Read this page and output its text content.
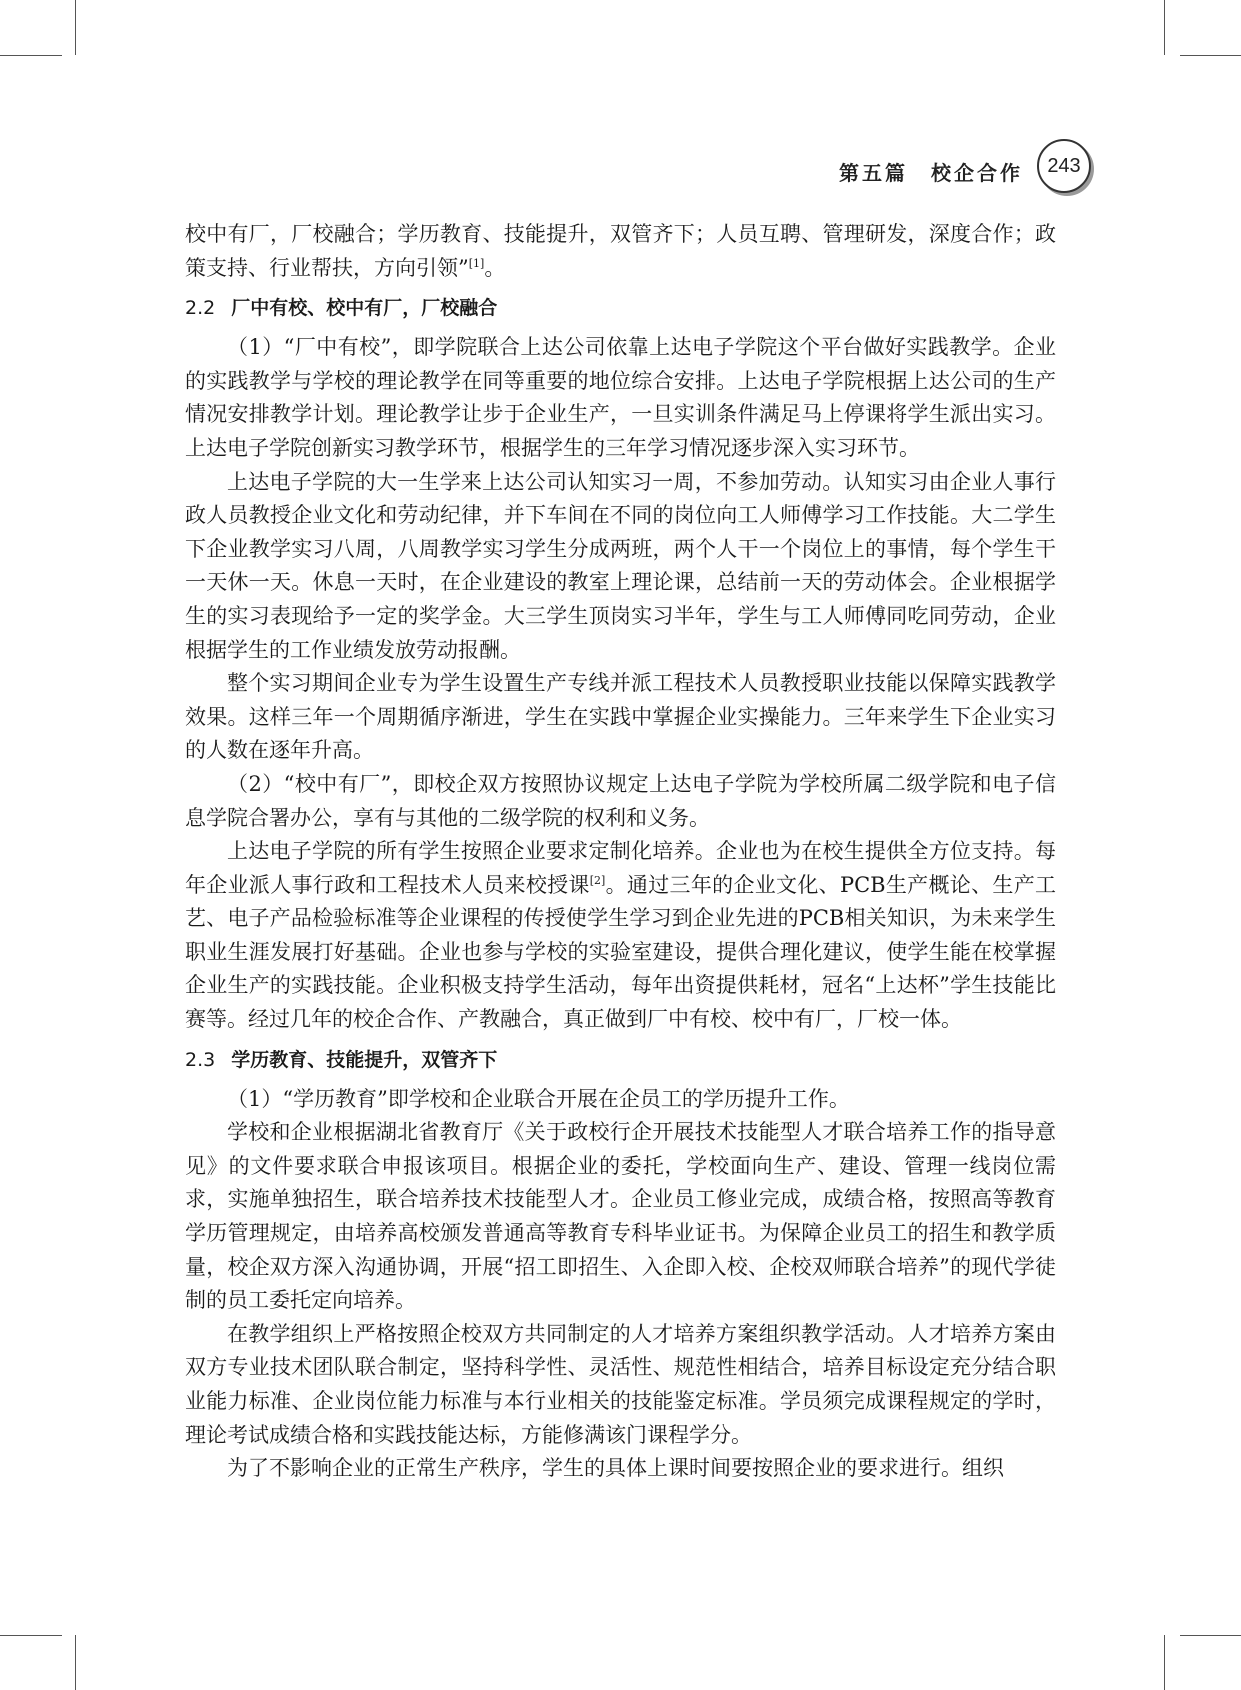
第五篇　校企合作 243

校中有厂，厂校融合；学历教育、技能提升，双管齐下；人员互聘、管理研发，深度合作；政策支持、行业帮扶，方向引领”[1]。

2.2 厂中有校、校中有厂，厂校融合

（1）“厂中有校”，即学院联合上达公司依靠上达电子学院这个平台做好实践教学。企业的实践教学与学校的理论教学在同等重要的地位综合安排。上达电子学院根据上达公司的生产情况安排教学计划。理论教学让步于企业生产，一旦实训条件满足马上停课将学生派出实习。上达电子学院创新实习教学环节，根据学生的三年学习情况逐步深入实习环节。

上达电子学院的大一生学来上达公司认知实习一周，不参加劳动。认知实习由企业人事行政人员教授企业文化和劳动纪律，并下车间在不同的岗位向工人师傅学习工作技能。大二学生下企业教学实习八周，八周教学实习学生分成两班，两个人干一个岗位上的事情，每个学生干一天休一天。休息一天时，在企业建设的教室上理论课，总结前一天的劳动体会。企业根据学生的实习表现给予一定的奖学金。大三学生顶岗实习半年，学生与工人师傅同吃同劳动，企业根据学生的工作业绩发放劳动报酬。

整个实习期间企业专为学生设置生产专线并派工程技术人员教授职业技能以保障实践教学效果。这样三年一个周期循序渐进，学生在实践中掌握企业实操能力。三年来学生下企业实习的人数在逐年升高。

（2）“校中有厂”，即校企双方按照协议规定上达电子学院为学校所属二级学院和电子信息学院合署办公，享有与其他的二级学院的权利和义务。

上达电子学院的所有学生按照企业要求定制化培养。企业也为在校生提供全方位支持。每年企业派人事行政和工程技术人员来校授课[2]。通过三年的企业文化、PCB生产概论、生产工艺、电子产品检验标准等企业课程的传授使学生学习到企业先进的PCB相关知识，为未来学生职业生涯发展打好基础。企业也参与学校的实验室建设，提供合理化建议，使学生能在校掌握企业生产的实践技能。企业积极支持学生活动，每年出资提供耗材，冠名“上达杯”学生技能比赛等。经过几年的校企合作、产教融合，真正做到厂中有校、校中有厂，厂校一体。

2.3 学历教育、技能提升，双管齐下

（1）“学历教育”即学校和企业联合开展在企员工的学历提升工作。

学校和企业根据湖北省教育厅《关于政校行企开展技术技能型人才联合培养工作的指导意见》的文件要求联合申报该项目。根据企业的委托，学校面向生产、建设、管理一线岗位需求，实施单独招生，联合培养技术技能型人才。企业员工修业完成，成绩合格，按照高等教育学历管理规定，由培养高校颁发普通高等教育专科毕业证书。为保障企业员工的招生和教学质量，校企双方深入沟通协调，开展“招工即招生、入企即入校、企校双师联合培养”的现代学徒制的员工委托定向培养。

在教学组织上严格按照企校双方共同制定的人才培养方案组织教学活动。人才培养方案由双方专业技术团队联合制定，坚持科学性、灵活性、规范性相结合，培养目标设定充分结合职业能力标准、企业岗位能力标准与本行业相关的技能鉴定标准。学员须完成课程规定的学时，理论考试成绩合格和实践技能达标，方能修满该门课程学分。

为了不影响企业的正常生产秩序，学生的具体上课时间要按照企业的要求进行。组织
